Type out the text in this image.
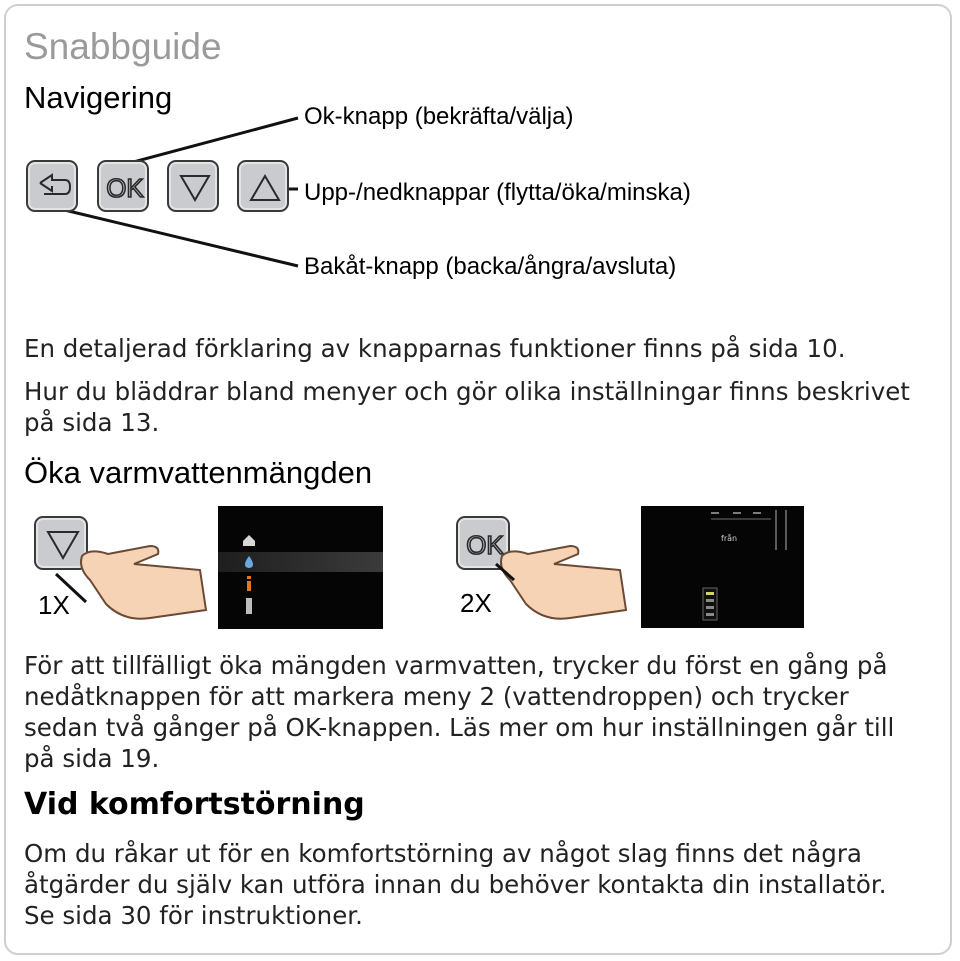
Snabbguide
Navigering
Ok-knapp (bekräfta/välja)
Upp-/nedknappar (flytta/öka/minska)
Bakåt-knapp (backa/ångra/avsluta)
OK
En detaljerad förklaring av knapparnas funktioner finns på sida 10.
Hur du bläddrar bland menyer och gör olika inställningar finns beskrivet
på sida 13.
Öka varmvattenmängden
1X
OK
2X
från
För att tillfälligt öka mängden varmvatten, trycker du först en gång på
nedåtknappen för att markera meny 2 (vattendroppen) och trycker
sedan två gånger på OK-knappen. Läs mer om hur inställningen går till
på sida 19.
Vid komfortstörning
Om du råkar ut för en komfortstörning av något slag finns det några
åtgärder du själv kan utföra innan du behöver kontakta din installatör.
Se sida 30 för instruktioner.
